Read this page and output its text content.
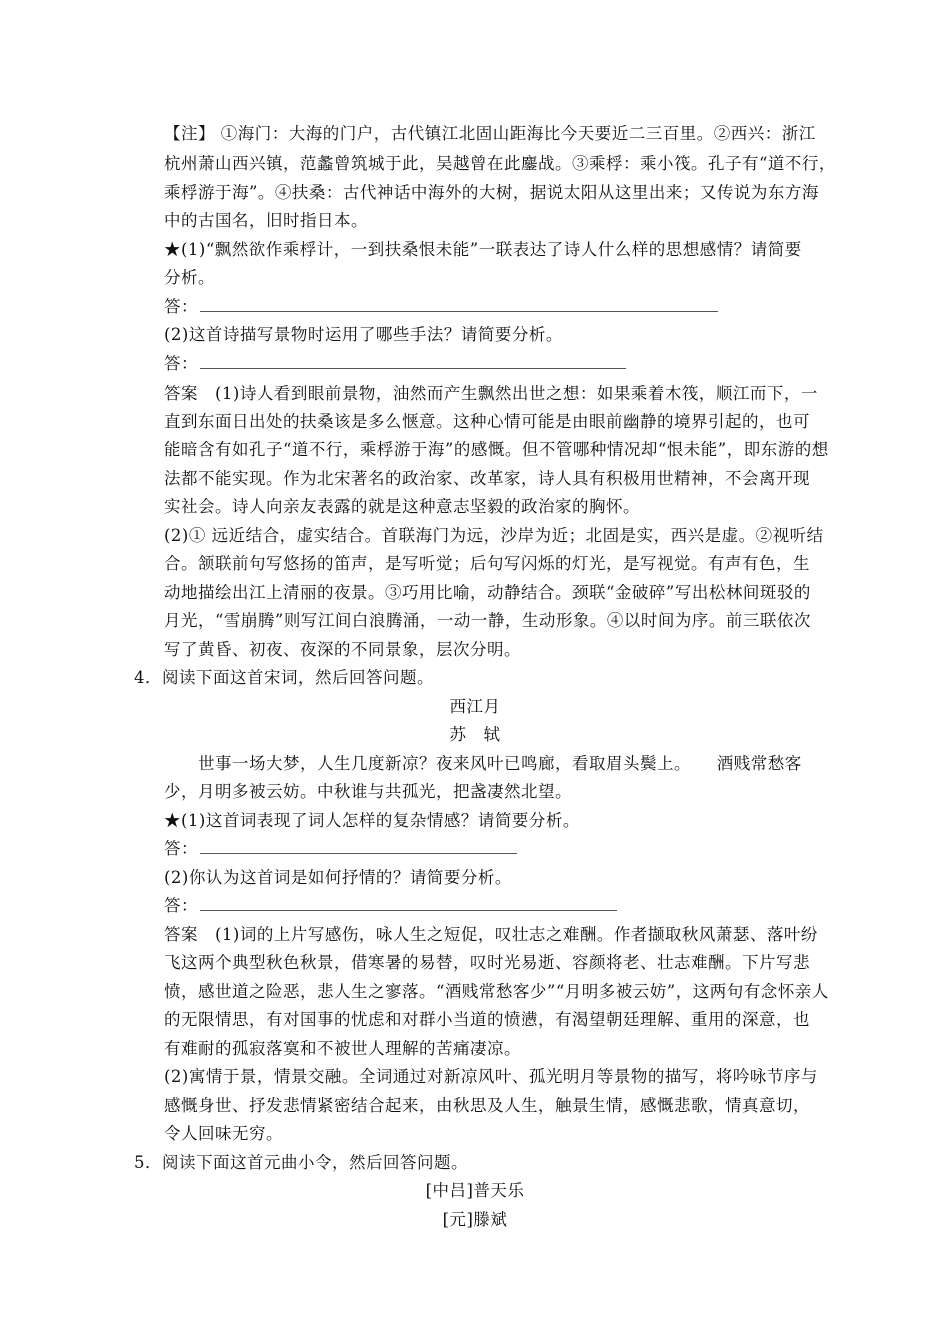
【注】 ①海门：大海的门户，古代镇江北固山距海比今天要近二三百里。②西兴：浙江
杭州萧山西兴镇，范蠡曾筑城于此，吴越曾在此鏖战。③乘桴：乘小筏。孔子有“道不行，
乘桴游于海”。④扶桑：古代神话中海外的大树，据说太阳从这里出来；又传说为东方海
中的古国名，旧时指日本。
★(1)“飘然欲作乘桴计，一到扶桑恨未能”一联表达了诗人什么样的思想感情？请简要
分析。
答：
(2)这首诗描写景物时运用了哪些手法？请简要分析。
答：
答案　(1)诗人看到眼前景物，油然而产生飘然出世之想：如果乘着木筏，顺江而下，一
直到东面日出处的扶桑该是多么惬意。这种心情可能是由眼前幽静的境界引起的，也可
能暗含有如孔子“道不行，乘桴游于海”的感慨。但不管哪种情况却“恨未能”，即东游的想
法都不能实现。作为北宋著名的政治家、改革家，诗人具有积极用世精神，不会离开现
实社会。诗人向亲友表露的就是这种意志坚毅的政治家的胸怀。
(2)① 远近结合，虚实结合。首联海门为远，沙岸为近；北固是实，西兴是虚。②视听结
合。颔联前句写悠扬的笛声，是写听觉；后句写闪烁的灯光，是写视觉。有声有色，生
动地描绘出江上清丽的夜景。③巧用比喻，动静结合。颈联“金破碎”写出松林间斑驳的
月光，“雪崩腾”则写江间白浪腾涌，一动一静，生动形象。④以时间为序。前三联依次
写了黄昏、初夜、夜深的不同景象，层次分明。
4．阅读下面这首宋词，然后回答问题。
西江月
苏　轼
世事一场大梦，人生几度新凉？夜来风叶已鸣廊，看取眉头鬓上。　　酒贱常愁客
少，月明多被云妨。中秋谁与共孤光，把盏凄然北望。
★(1)这首词表现了词人怎样的复杂情感？请简要分析。
答：
(2)你认为这首词是如何抒情的？请简要分析。
答：
答案　(1)词的上片写感伤，咏人生之短促，叹壮志之难酬。作者撷取秋风萧瑟、落叶纷
飞这两个典型秋色秋景，借寒暑的易替，叹时光易逝、容颜将老、壮志难酬。下片写悲
愤，感世道之险恶，悲人生之寥落。“酒贱常愁客少”“月明多被云妨”，这两句有念怀亲人
的无限情思，有对国事的忧虑和对群小当道的愤懑，有渴望朝廷理解、重用的深意，也
有难耐的孤寂落寞和不被世人理解的苦痛凄凉。
(2)寓情于景，情景交融。全词通过对新凉风叶、孤光明月等景物的描写，将吟咏节序与
感慨身世、抒发悲情紧密结合起来，由秋思及人生，触景生情，感慨悲歌，情真意切，
令人回味无穷。
5．阅读下面这首元曲小令，然后回答问题。
[中吕]普天乐
[元]滕斌
